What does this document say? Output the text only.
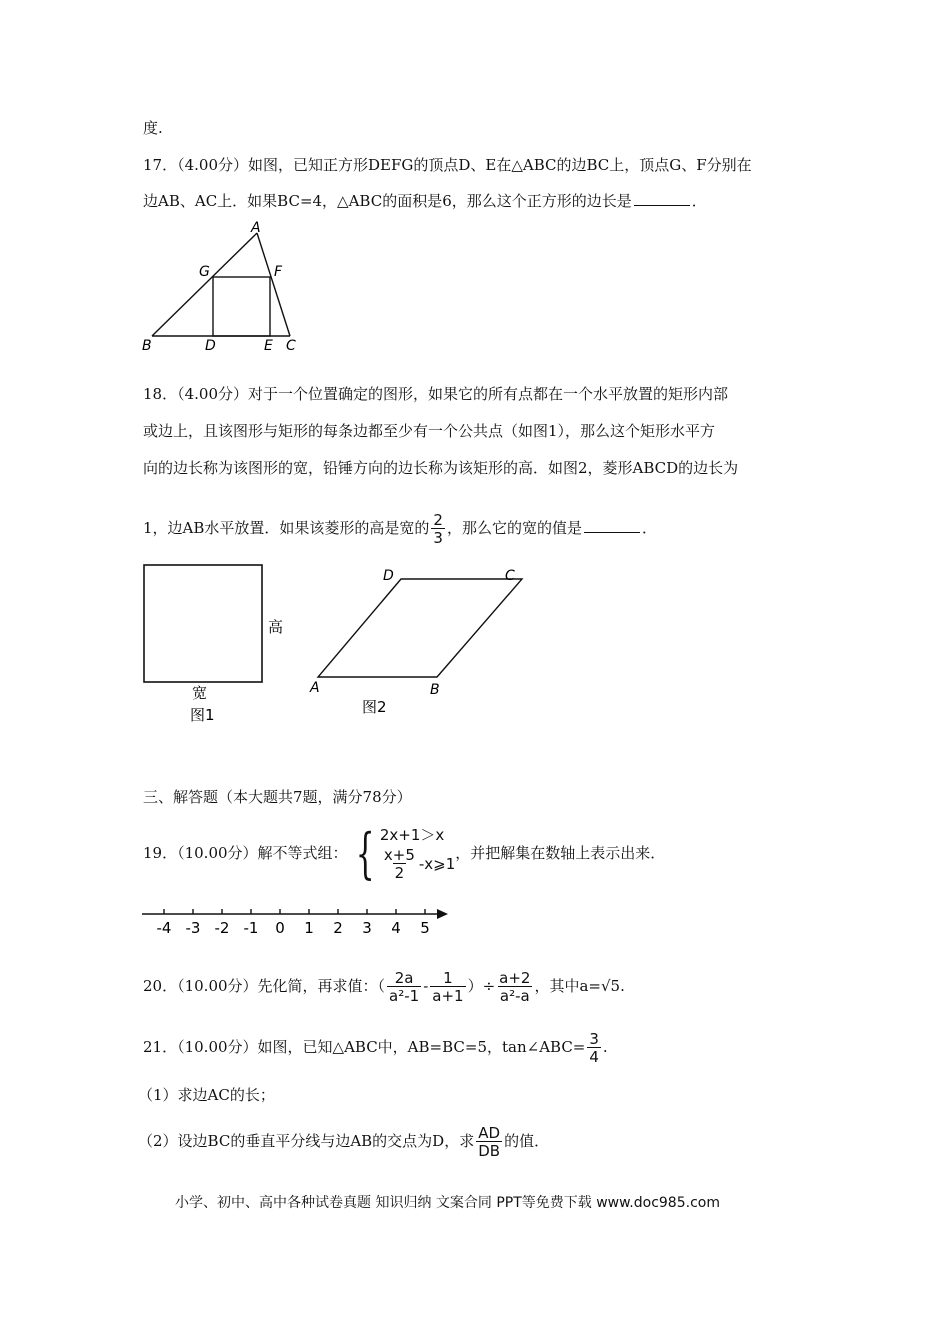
度.
17．（4.00分）如图，已知正方形DEFG的顶点D、E在△ABC的边BC上，顶点G、F分别在
边AB、AC上．如果BC=4，△ABC的面积是6，那么这个正方形的边长是	．
A
G	F
B	D	E C
18．（4.00分）对于一个位置确定的图形，如果它的所有点都在一个水平放置的矩形内部
或边上，且该图形与矩形的每条边都至少有一个公共点（如图1），那么这个矩形水平方
向的边长称为该图形的宽，铅锤方向的边长称为该矩形的高．如图2，菱形ABCD的边长为
1，边AB水平放置．如果该菱形的高是宽的 $\frac{2}{3}$ ，那么它的宽的值是	．
高
宽
图1
D	C
A	B
图2
三、解答题（本大题共7题，满分78分）
19．（10.00分）解不等式组： { 2x+1＞x
$\frac{x+5}{2}$ -x⩾1
，并把解集在数轴上表示出来．
-4 -3 -2 -1 0 1 2 3 4 5
20．（10.00分）先化简，再求值：（ $\frac{2a}{\text{a²-1}} - \frac{1}{a+1}$ ）÷ $\frac{a+2}{\text{a²-a}}$ ，其中a=√5.
21．（10.00分）如图，已知△ABC中，AB=BC=5，tan∠ABC= $\frac{3}{4}$ .
（1）求边AC的长；
（2）设边BC的垂直平分线与边AB的交点为D，求 $\frac{AD}{DB}$ 的值．
小学、初中、高中各种试卷真题 知识归纳 文案合同 PPT等免费下载 www.doc985.com
